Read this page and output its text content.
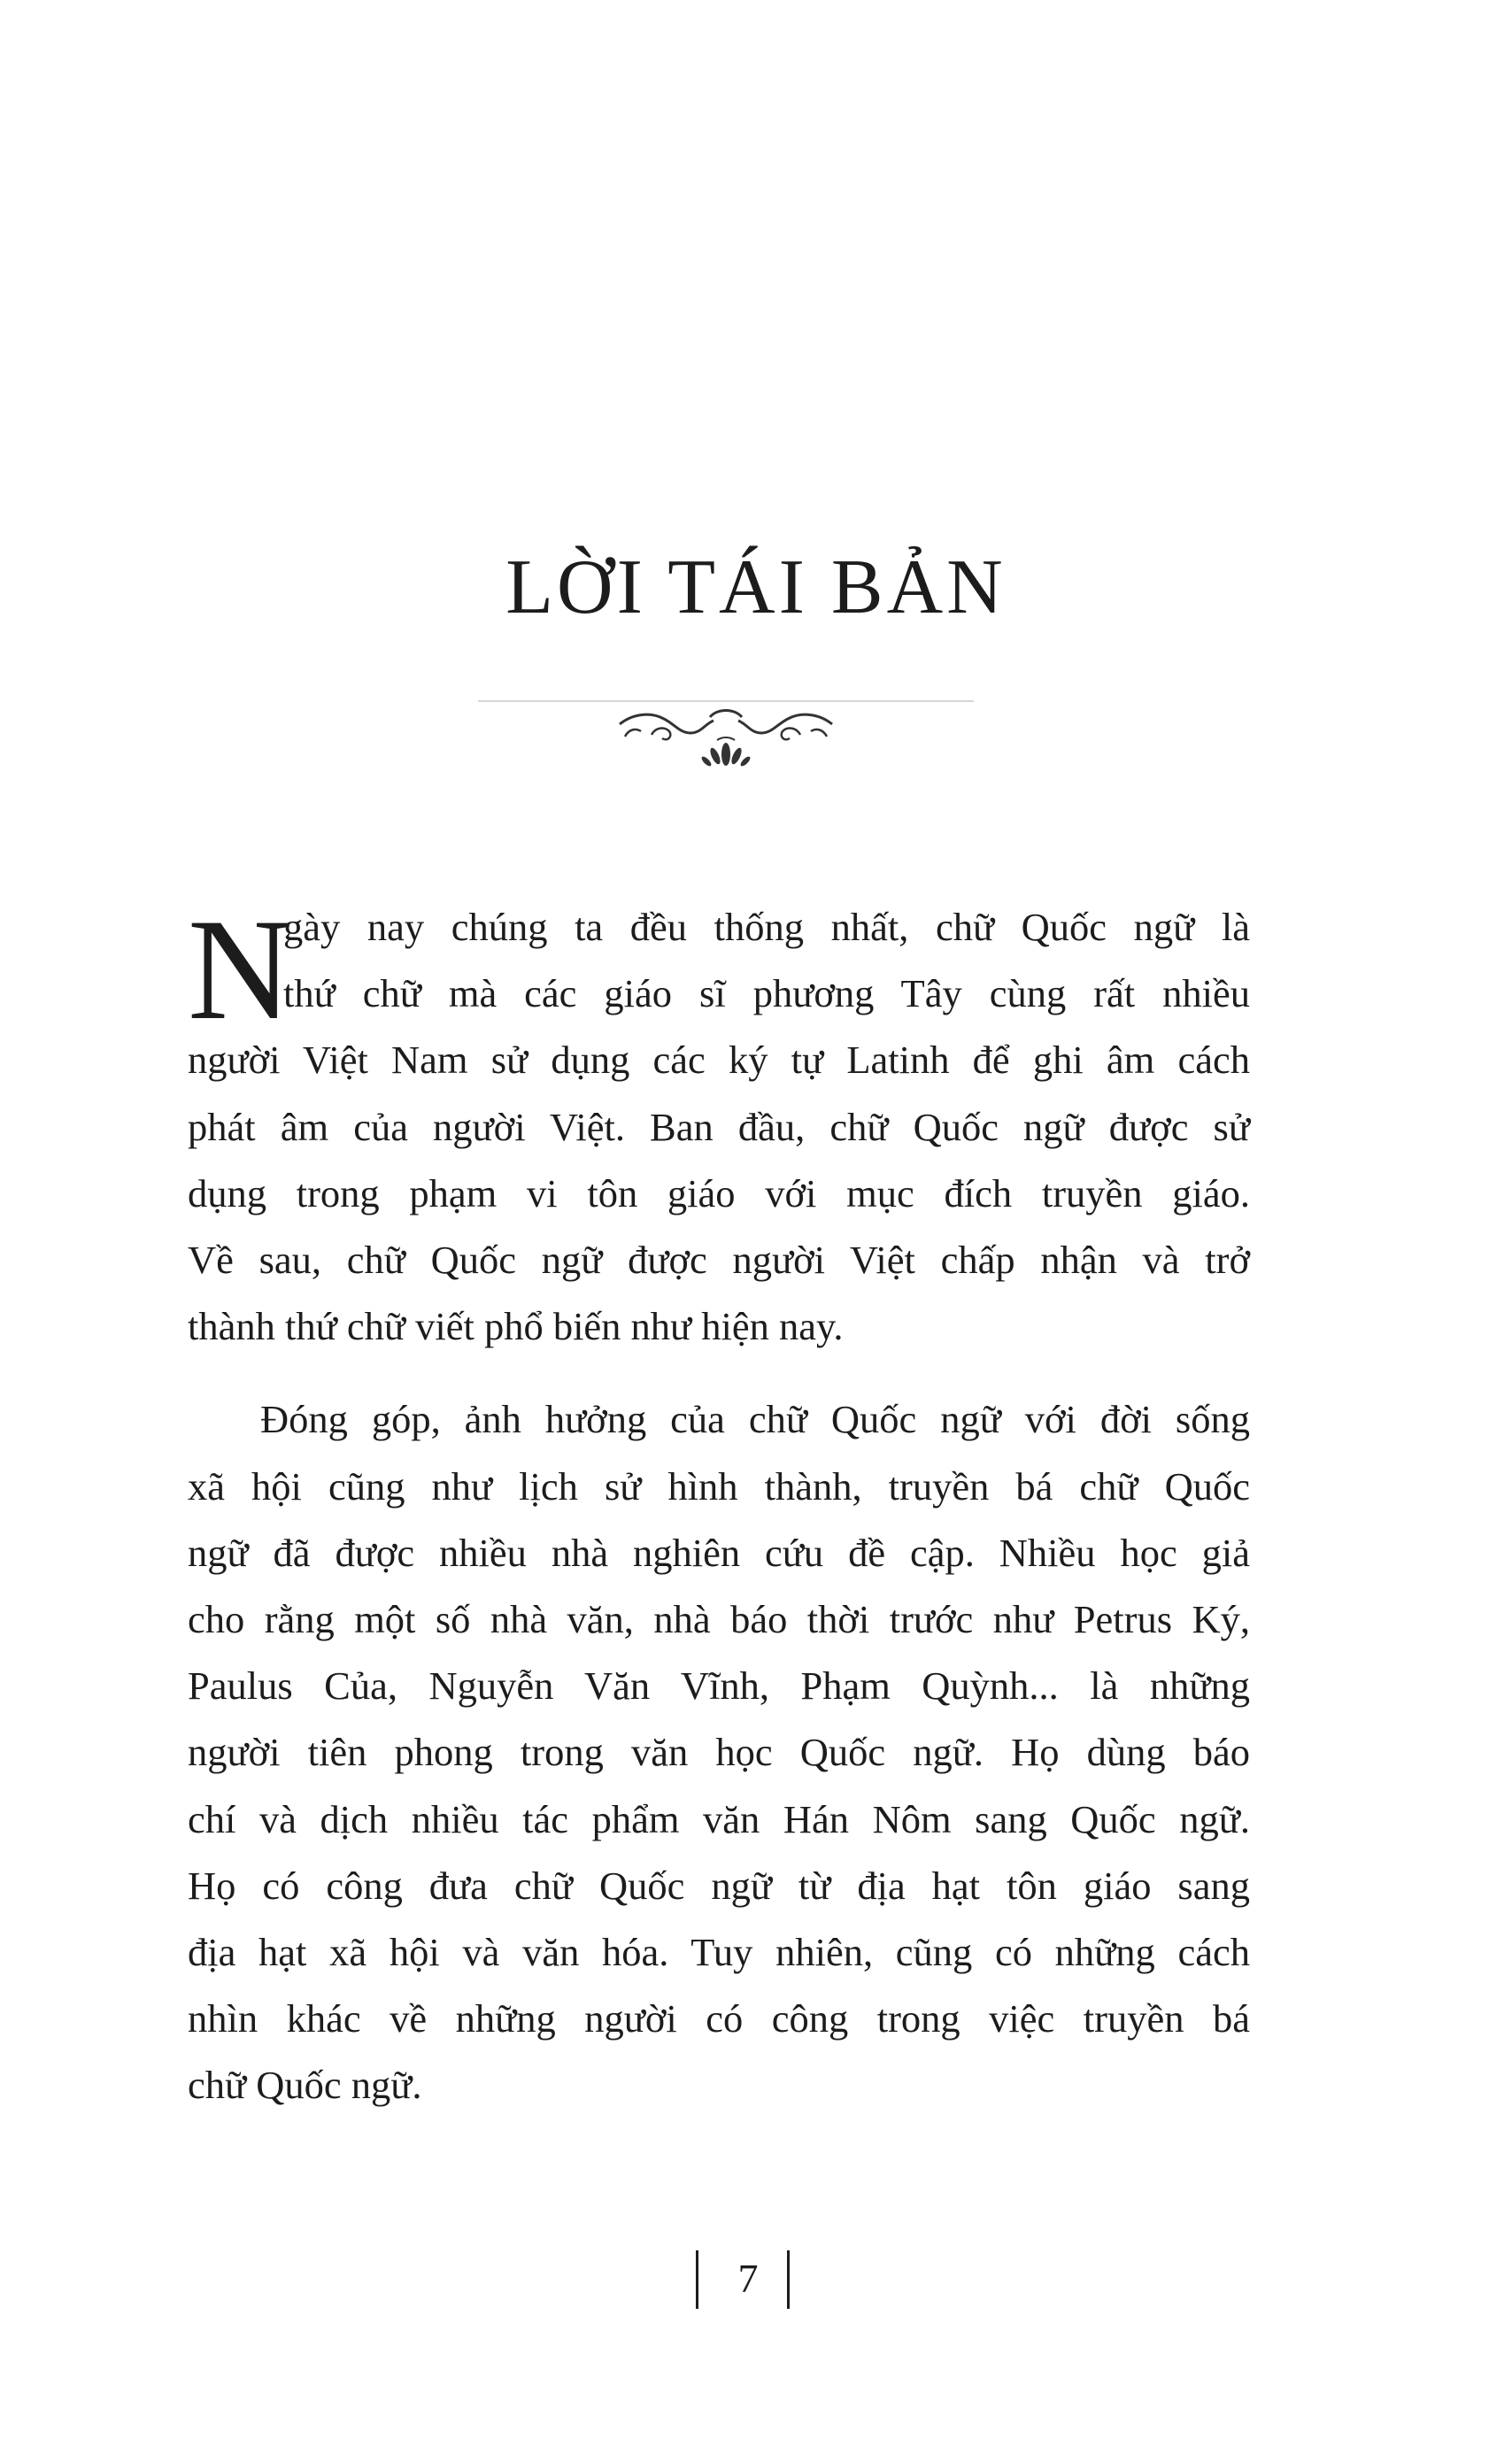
LỜI TÁI BẢN
N
gày nay chúng ta đều thống nhất, chữ Quốc ngữ là
thứ chữ mà các giáo sĩ phương Tây cùng rất nhiều
người Việt Nam sử dụng các ký tự Latinh để ghi âm cách
phát âm của người Việt. Ban đầu, chữ Quốc ngữ được sử
dụng trong phạm vi tôn giáo với mục đích truyền giáo.
Về sau, chữ Quốc ngữ được người Việt chấp nhận và trở
thành thứ chữ viết phổ biến như hiện nay.
Đóng góp, ảnh hưởng của chữ Quốc ngữ với đời sống
xã hội cũng như lịch sử hình thành, truyền bá chữ Quốc
ngữ đã được nhiều nhà nghiên cứu đề cập. Nhiều học giả
cho rằng một số nhà văn, nhà báo thời trước như Petrus Ký,
Paulus Của, Nguyễn Văn Vĩnh, Phạm Quỳnh... là những
người tiên phong trong văn học Quốc ngữ. Họ dùng báo
chí và dịch nhiều tác phẩm văn Hán Nôm sang Quốc ngữ.
Họ có công đưa chữ Quốc ngữ từ địa hạt tôn giáo sang
địa hạt xã hội và văn hóa. Tuy nhiên, cũng có những cách
nhìn khác về những người có công trong việc truyền bá
chữ Quốc ngữ.
7
